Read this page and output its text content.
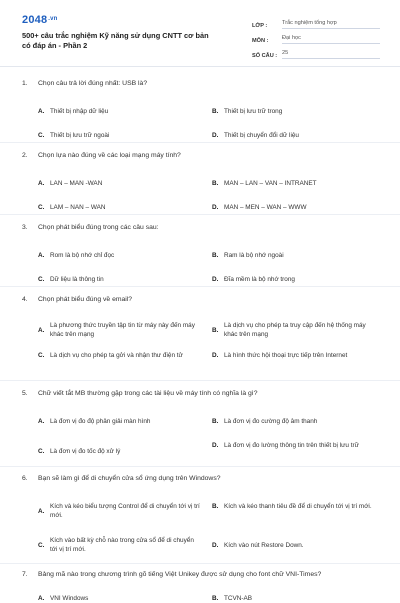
$2048^{.vn}$
500+ câu trắc nghiệm Kỹ năng sử dụng CNTT cơ bản có đáp án - Phần 2
LỚP :	Trắc nghiệm tổng hợp
MÔN :	Đại học
SỐ CÂU : 25
1.	Chọn câu trả lời đúng nhất: USB là?
A. Thiết bị nhập dữ liệu	B. Thiết bị lưu trữ trong
C. Thiết bị lưu trữ ngoài	D. Thiết bị chuyển đổi dữ liệu
2.	Chọn lựa nào đúng về các loại mạng máy tính?
A. LAN – MAN -WAN	B. MAN – LAN – VAN – INTRANET
C. LAM – NAN – WAN	D. MAN – MEN – WAN – WWW
3.	Chọn phát biểu đúng trong các câu sau:
A. Rom là bộ nhớ chỉ đọc	B. Ram là bộ nhớ ngoài
C. Dữ liệu là thông tin	D. Đĩa mềm là bộ nhớ trong
4.	Chọn phát biểu đúng về email?
A.
Là phương thức truyền tập tin từ máy này đến máy khác trên mạng
B.
Là dịch vụ cho phép ta truy cập đến hệ thống máy khác trên mạng
C. Là dịch vụ cho phép ta gởi và nhận thư điện tử	D. Là hình thức hội thoại trực tiếp trên Internet
5.	Chữ viết tắt MB thường gặp trong các tài liệu về máy tính có nghĩa là gì?
A. Là đơn vị đo độ phân giải màn hình	B. Là đơn vị đo cường độ âm thanh
C. Là đơn vị đo tốc độ xử lý
D. Là đơn vị đo lường thông tin trên thiết bị lưu trữ
6.	Bạn sẽ làm gì để di chuyển cửa sổ ứng dụng trên Windows?
A.
Kích và kéo biểu tượng Control để di chuyển tới vị trí mới.
B. Kích và kéo thanh tiêu đề để di chuyển tới vị trí mới.
C.
Kích vào bất kỳ chỗ nào trong cửa sổ để di chuyển tới vị trí mới.
D. Kích vào nút Restore Down.
7.	Bảng mã nào trong chương trình gõ tiếng Việt Unikey được sử dụng cho font chữ VNI-Times?
A. VNI Windows	B. TCVN-AB
